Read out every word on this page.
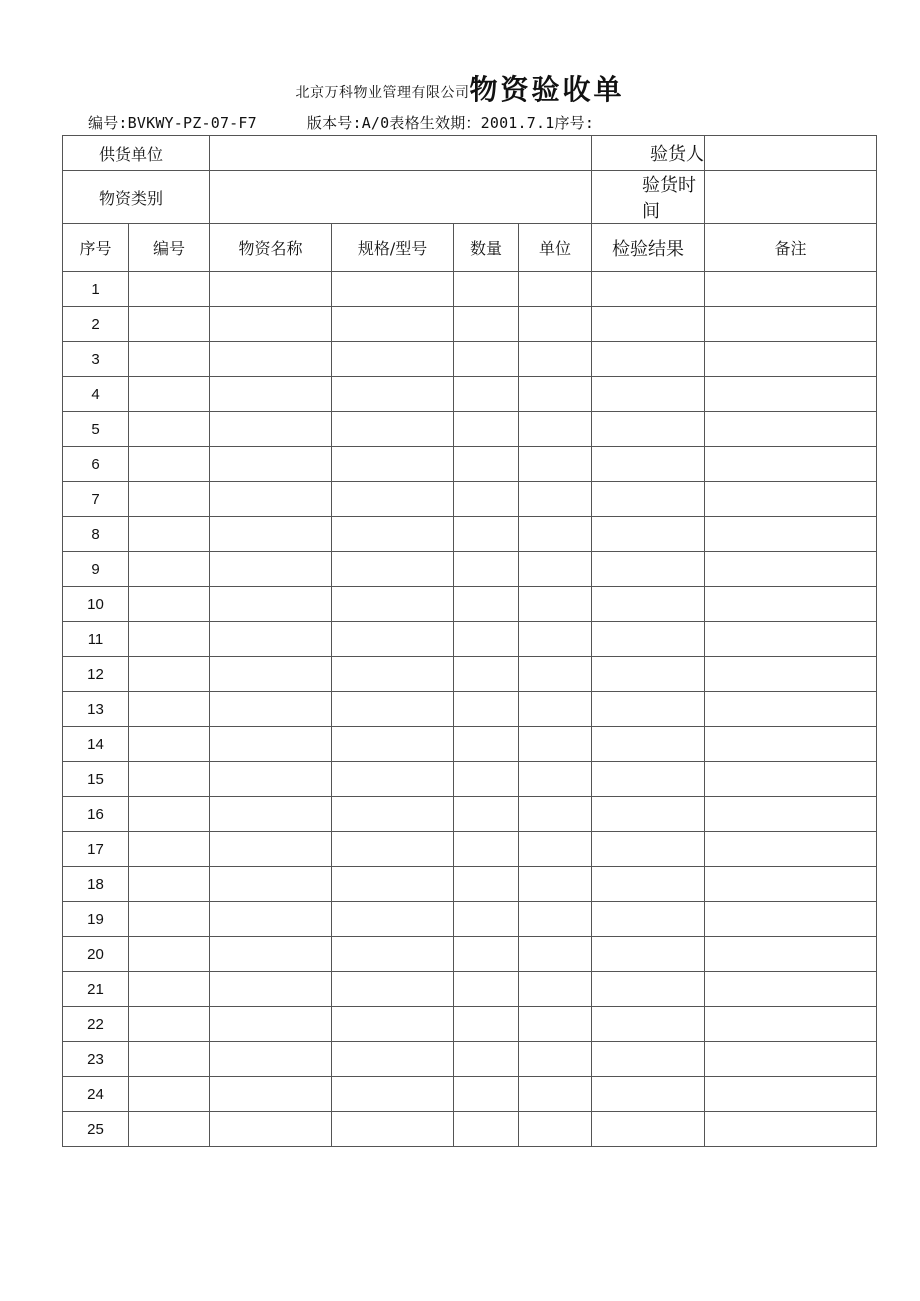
北京万科物业管理有限公司物资验收单
编号:BVKWY-PZ-07-F7	版本号:A/0表格生效期：2001.7.1序号:
供货单位						验货人	
物资类别						验货时间	
序号	编号	物资名称	规格/型号	数量	单位	检验结果	备注
1							
2							
3							
4							
5							
6							
7							
8							
9							
10							
11							
12							
13							
14							
15							
16							
17							
18							
19							
20							
21							
22							
23							
24							
25							
